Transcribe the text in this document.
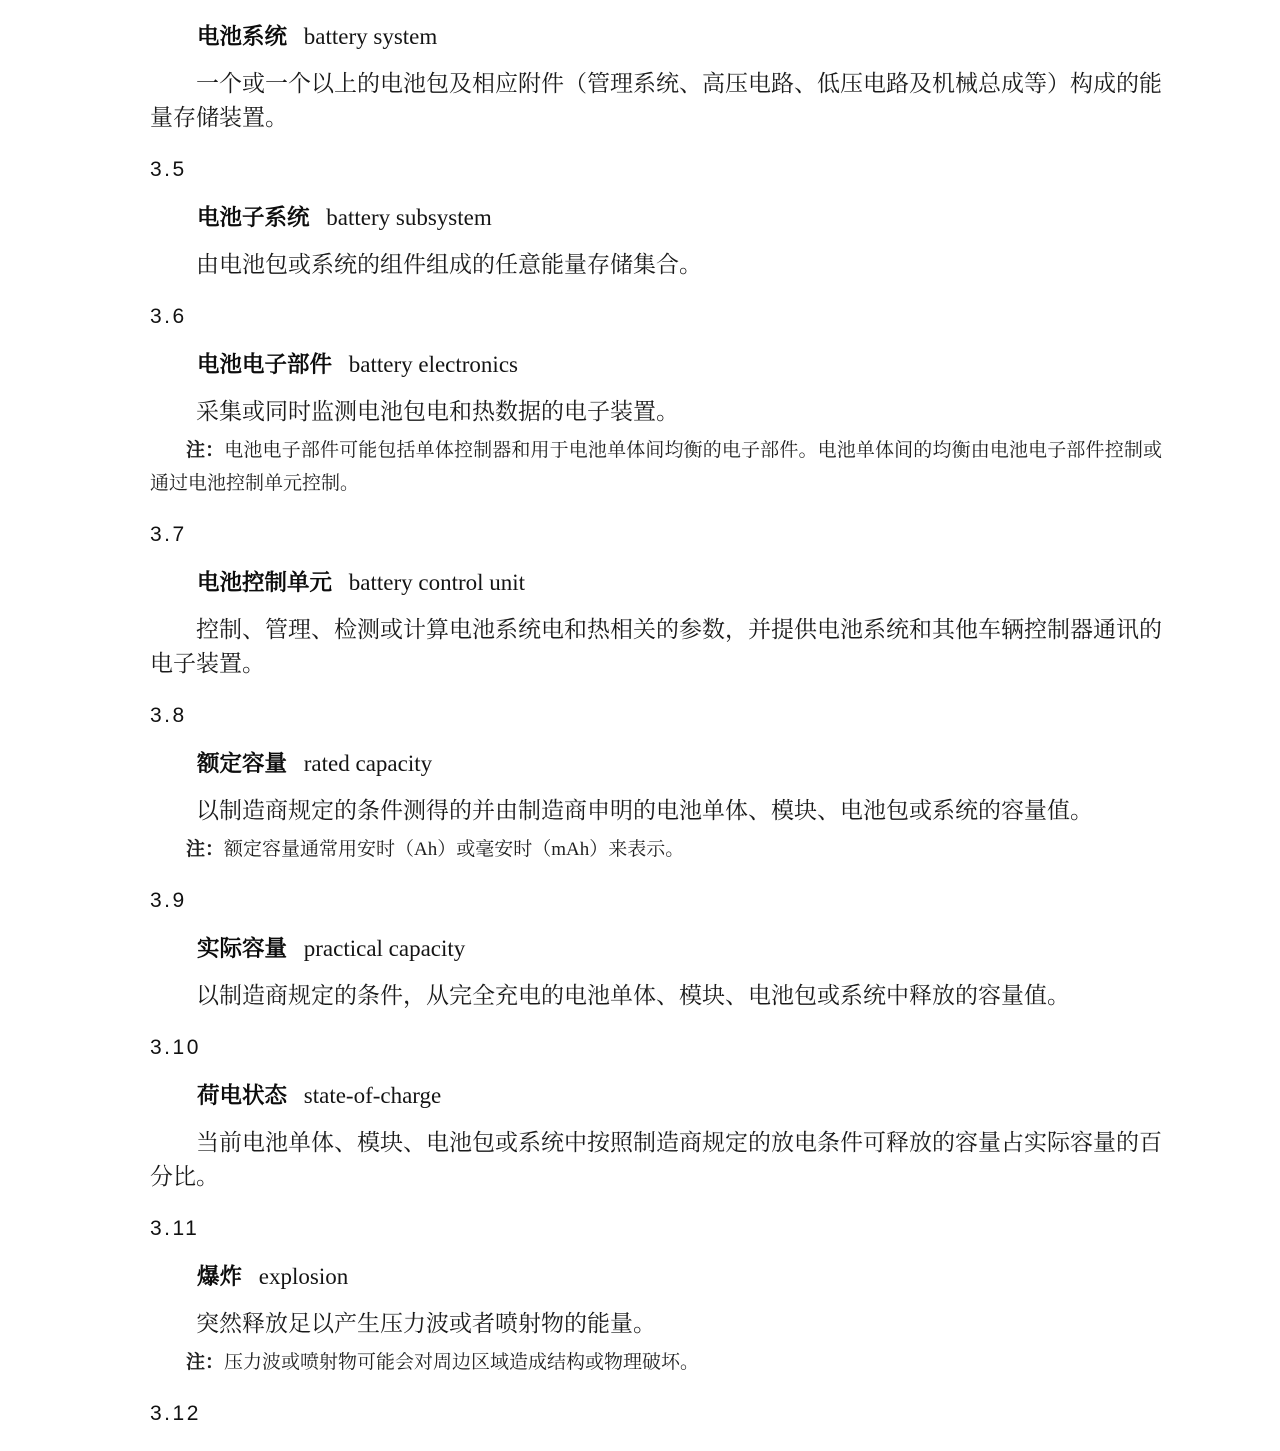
电池系统 battery system

一个或一个以上的电池包及相应附件（管理系统、高压电路、低压电路及机械总成等）构成的能量存储装置。

3.5
电池子系统 battery subsystem

由电池包或系统的组件组成的任意能量存储集合。

3.6
电池电子部件 battery electronics

采集或同时监测电池包电和热数据的电子装置。

注：电池电子部件可能包括单体控制器和用于电池单体间均衡的电子部件。电池单体间的均衡由电池电子部件控制或通过电池控制单元控制。

3.7
电池控制单元 battery control unit

控制、管理、检测或计算电池系统电和热相关的参数，并提供电池系统和其他车辆控制器通讯的电子装置。

3.8
额定容量 rated capacity

以制造商规定的条件测得的并由制造商申明的电池单体、模块、电池包或系统的容量值。

注：额定容量通常用安时（Ah）或毫安时（mAh）来表示。

3.9
实际容量 practical capacity

以制造商规定的条件，从完全充电的电池单体、模块、电池包或系统中释放的容量值。

3.10
荷电状态 state-of-charge

当前电池单体、模块、电池包或系统中按照制造商规定的放电条件可释放的容量占实际容量的百分比。

3.11
爆炸 explosion

突然释放足以产生压力波或者喷射物的能量。

注：压力波或喷射物可能会对周边区域造成结构或物理破坏。

3.12
